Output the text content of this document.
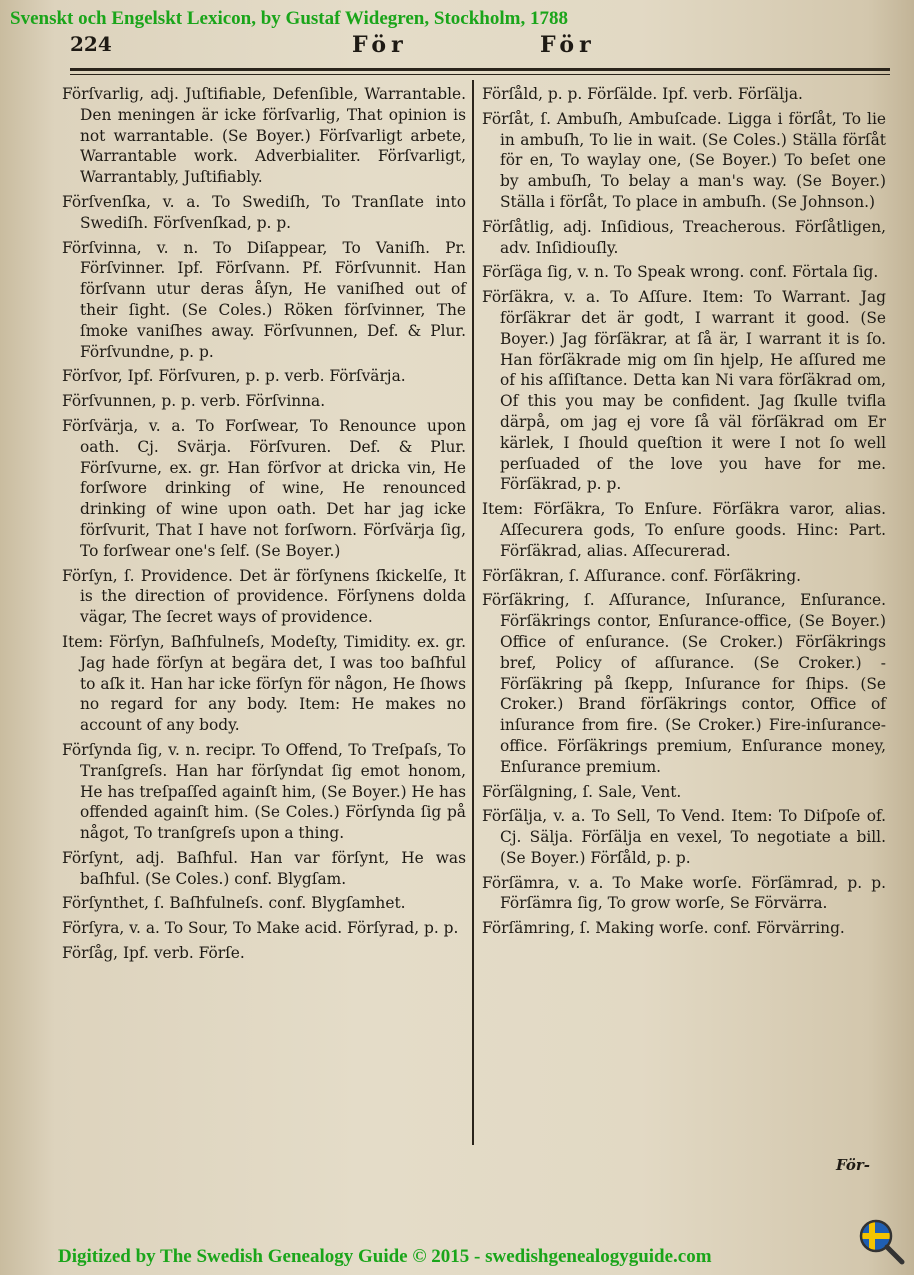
Svenskt och Engelskt Lexicon, by Gustaf Widegren, Stockholm, 1788
224	För	För

Förſvarlig, adj. Juſtifiable, Defenſible, Warrantable. Den meningen är icke förſvarlig, That opinion is not warrantable. (Se Boyer.) Förſvarligt arbete, Warrantable work. Adverbialiter. Förſvarligt, Warrantably, Juſtifiably.

Förſvenſka, v. a. To Swediſh, To Tranſlate into Swediſh. Förſvenſkad, p. p.

Förſvinna, v. n. To Diſappear, To Vaniſh. Pr. Förſvinner. Ipf. Förſvann. Pf. Förſvunnit. Han förſvann utur deras åſyn, He vaniſhed out of their ſight. (Se Coles.) Röken förſvinner, The ſmoke vaniſhes away. Förſvunnen, Def. & Plur. Förſvundne, p. p.

Förſvor, Ipf. Förſvuren, p. p. verb. Förſvärja.

Förſvunnen, p. p. verb. Förſvinna.

Förſvärja, v. a. To Forſwear, To Renounce upon oath. Cj. Svärja. Förſvuren. Def. & Plur. Förſvurne, ex. gr. Han förſvor at dricka vin, He forſwore drinking of wine, He renounced drinking of wine upon oath. Det har jag icke förſvurit, That I have not forſworn. Förſvärja ſig, To forſwear one's ſelf. (Se Boyer.)

Förſyn, ſ. Providence. Det är förſynens ſkickelſe, It is the direction of providence. Förſynens dolda vägar, The ſecret ways of providence.

Item: Förſyn, Baſhfulneſs, Modeſty, Timidity. ex. gr. Jag hade förſyn at begära det, I was too baſhful to aſk it. Han har icke förſyn för någon, He ſhows no regard for any body. Item: He makes no account of any body.

Förſynda ſig, v. n. recipr. To Offend, To Treſpaſs, To Tranſgreſs. Han har förſyndat ſig emot honom, He has treſpaſſed againſt him, (Se Boyer.) He has offended againſt him. (Se Coles.) Förſynda ſig på något, To tranſgreſs upon a thing.

Förſynt, adj. Baſhful. Han var förſynt, He was baſhful. (Se Coles.) conf. Blygſam.

Förſynthet, ſ. Baſhfulneſs. conf. Blygſamhet.

Förſyra, v. a. To Sour, To Make acid. Förſyrad, p. p.

Förſåg, Ipf. verb. Förſe.

Förſåld, p. p. Förſälde. Ipf. verb. Förſälja.

Förſåt, ſ. Ambuſh, Ambuſcade. Ligga i förſåt, To lie in ambuſh, To lie in wait. (Se Coles.) Ställa förſåt för en, To waylay one, (Se Boyer.) To beſet one by ambuſh, To belay a man's way. (Se Boyer.) Ställa i förſåt, To place in ambuſh. (Se Johnson.)

Förſåtlig, adj. Inſidious, Treacherous. Förſåtligen, adv. Inſidiouſly.

Förſäga ſig, v. n. To Speak wrong. conf. Förtala ſig.

Förſäkra, v. a. To Aſſure. Item: To Warrant. Jag förſäkrar det är godt, I warrant it good. (Se Boyer.) Jag förſäkrar, at ſå är, I warrant it is ſo. Han förſäkrade mig om ſin hjelp, He aſſured me of his aſſiſtance. Detta kan Ni vara förſäkrad om, Of this you may be confident. Jag ſkulle tvifla därpå, om jag ej vore ſå väl förſäkrad om Er kärlek, I ſhould queſtion it were I not ſo well perſuaded of the love you have for me. Förſäkrad, p. p.

Item: Förſäkra, To Enſure. Förſäkra varor, alias. Aſſecurera gods, To enſure goods. Hinc: Part. Förſäkrad, alias. Aſſecurerad.

Förſäkran, ſ. Aſſurance. conf. Förſäkring.

Förſäkring, ſ. Aſſurance, Inſurance, Enſurance. Förſäkrings contor, Enſurance-office, (Se Boyer.) Office of enſurance. (Se Croker.) Förſäkrings bref, Policy of aſſurance. (Se Croker.) - Förſäkring på ſkepp, Inſurance for ſhips. (Se Croker.) Brand förſäkrings contor, Office of inſurance from fire. (Se Croker.) Fire-inſurance-office. Förſäkrings premium, Enſurance money, Enſurance premium.

Förſälgning, ſ. Sale, Vent.

Förſälja, v. a. To Sell, To Vend. Item: To Diſpoſe of. Cj. Sälja. Förſälja en vexel, To negotiate a bill. (Se Boyer.) Förſåld, p. p.

Förſämra, v. a. To Make worſe. Förſämrad, p. p. Förſämra ſig, To grow worſe, Se Förvärra.

Förſämring, ſ. Making worſe. conf. Förvärring.

För-
Digitized by The Swedish Genealogy Guide © 2015 - swedishgenealogyguide.com
